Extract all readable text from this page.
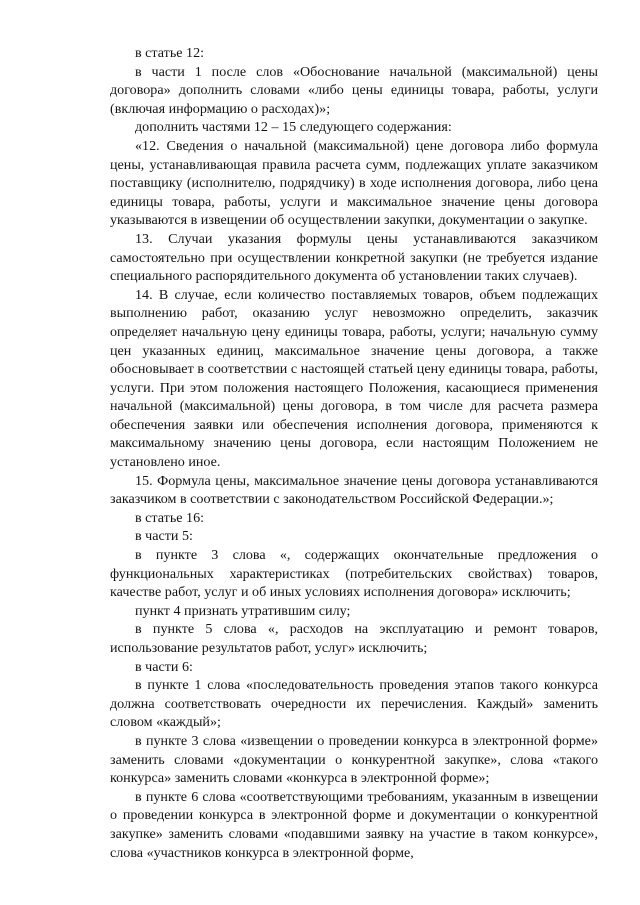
в статье 12:

в части 1 после слов «Обоснование начальной (максимальной) цены договора» дополнить словами «либо цены единицы товара, работы, услуги (включая информацию о расходах)»;

дополнить частями 12 – 15 следующего содержания:

«12. Сведения о начальной (максимальной) цене договора либо формула цены, устанавливающая правила расчета сумм, подлежащих уплате заказчиком поставщику (исполнителю, подрядчику) в ходе исполнения договора, либо цена единицы товара, работы, услуги и максимальное значение цены договора указываются в извещении об осуществлении закупки, документации о закупке.

13. Случаи указания формулы цены устанавливаются заказчиком самостоятельно при осуществлении конкретной закупки (не требуется издание специального распорядительного документа об установлении таких случаев).

14. В случае, если количество поставляемых товаров, объем подлежащих выполнению работ, оказанию услуг невозможно определить, заказчик определяет начальную цену единицы товара, работы, услуги; начальную сумму цен указанных единиц, максимальное значение цены договора, а также обосновывает в соответствии с настоящей статьей цену единицы товара, работы, услуги. При этом положения настоящего Положения, касающиеся применения начальной (максимальной) цены договора, в том числе для расчета размера обеспечения заявки или обеспечения исполнения договора, применяются к максимальному значению цены договора, если настоящим Положением не установлено иное.

15. Формула цены, максимальное значение цены договора устанавливаются заказчиком в соответствии с законодательством Российской Федерации.»;

в статье 16:

в части 5:

в пункте 3 слова «, содержащих окончательные предложения о функциональных характеристиках (потребительских свойствах) товаров, качестве работ, услуг и об иных условиях исполнения договора» исключить;

пункт 4 признать утратившим силу;

в пункте 5 слова «, расходов на эксплуатацию и ремонт товаров, использование результатов работ, услуг» исключить;

в части 6:

в пункте 1 слова «последовательность проведения этапов такого конкурса должна соответствовать очередности их перечисления. Каждый» заменить словом «каждый»;

в пункте 3 слова «извещении о проведении конкурса в электронной форме» заменить словами «документации о конкурентной закупке», слова «такого конкурса» заменить словами «конкурса в электронной форме»;

в пункте 6 слова «соответствующими требованиям, указанным в извещении о проведении конкурса в электронной форме и документации о конкурентной закупке» заменить словами «подавшими заявку на участие в таком конкурсе», слова «участников конкурса в электронной форме,
